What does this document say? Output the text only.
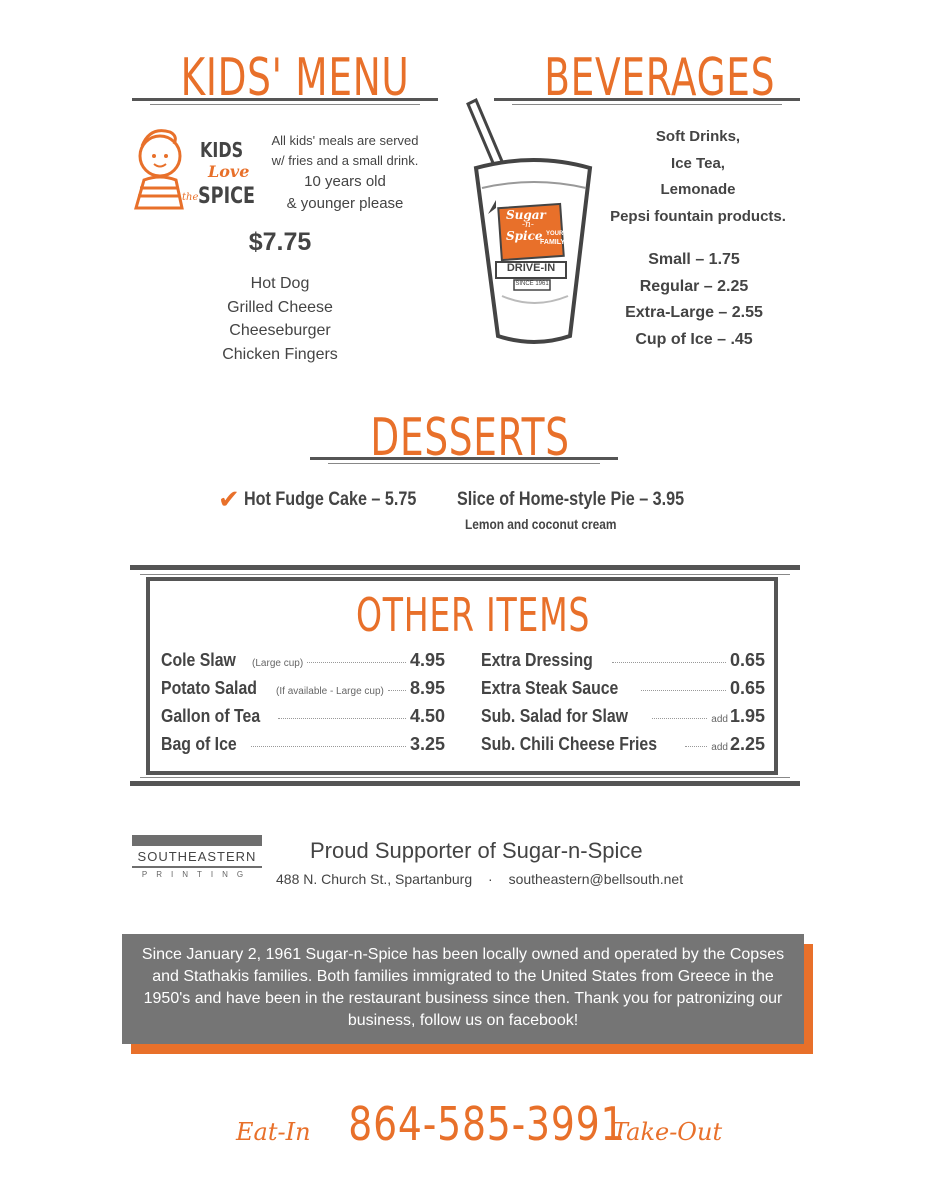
KIDS' MENU
KIDS
Love
the SPICE
All kids' meals are served
w/ fries and a small drink.
10 years old
& younger please
$7.75
Hot Dog
Grilled Cheese
Cheeseburger
Chicken Fingers
BEVERAGES
Sugar
-n-
Spice YOUR
FAMILY
DRIVE-IN
SINCE 1961
Soft Drinks,
Ice Tea,
Lemonade
Pepsi fountain products.
Small – 1.75
Regular – 2.25
Extra-Large – 2.55
Cup of Ice – .45
DESSERTS
✔ Hot Fudge Cake – 5.75 Slice of Home-style Pie – 3.95
Lemon and coconut cream
OTHER ITEMS
Cole Slaw (Large cup)	4.95
Potato Salad (If available - Large cup) 8.95
Gallon of Tea	4.50
Bag of Ice	3.25
Extra Dressing	0.65
Extra Steak Sauce	0.65
Sub. Salad for Slaw	add 1.95
Sub. Chili Cheese Fries	add 2.25
SOUTHEASTERN
PRINTING
Proud Supporter of Sugar-n-Spice
488 N. Church St., Spartanburg · southeastern@bellsouth.net
Since January 2, 1961 Sugar-n-Spice has been locally owned and operated by the Copses and Stathakis families. Both families immigrated to the United States from Greece in the 1950's and have been in the restaurant business since then. Thank you for patronizing our business, follow us on facebook!
Eat-In 864-585-3991
Take-Out
